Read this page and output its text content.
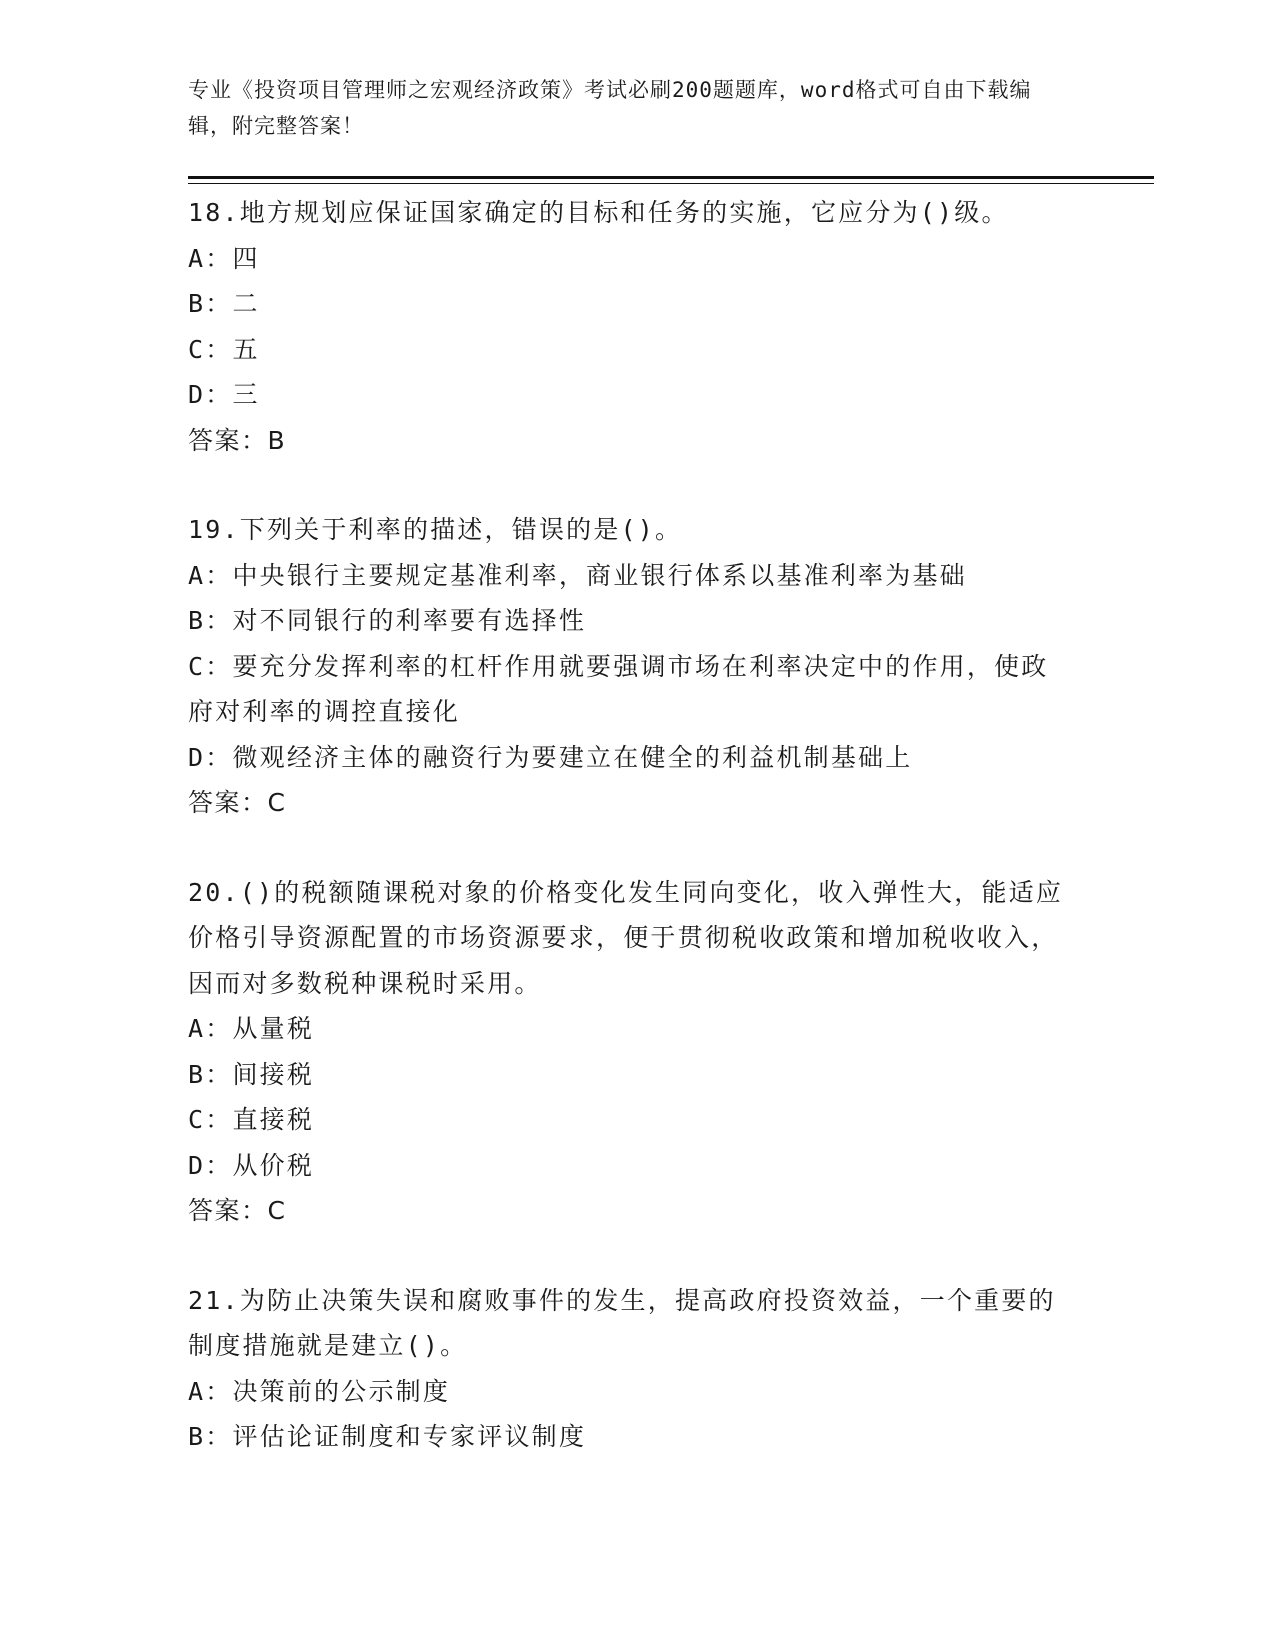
专业《投资项目管理师之宏观经济政策》考试必刷200题题库，word格式可自由下载编辑，附完整答案！
18.地方规划应保证国家确定的目标和任务的实施，它应分为()级。
A：四
B：二
C：五
D：三
答案：B
19.下列关于利率的描述，错误的是()。
A：中央银行主要规定基准利率，商业银行体系以基准利率为基础
B：对不同银行的利率要有选择性
C：要充分发挥利率的杠杆作用就要强调市场在利率决定中的作用，使政府对利率的调控直接化
D：微观经济主体的融资行为要建立在健全的利益机制基础上
答案：C
20.()的税额随课税对象的价格变化发生同向变化，收入弹性大，能适应价格引导资源配置的市场资源要求，便于贯彻税收政策和增加税收收入，因而对多数税种课税时采用。
A：从量税
B：间接税
C：直接税
D：从价税
答案：C
21.为防止决策失误和腐败事件的发生，提高政府投资效益，一个重要的制度措施就是建立()。
A：决策前的公示制度
B：评估论证制度和专家评议制度
